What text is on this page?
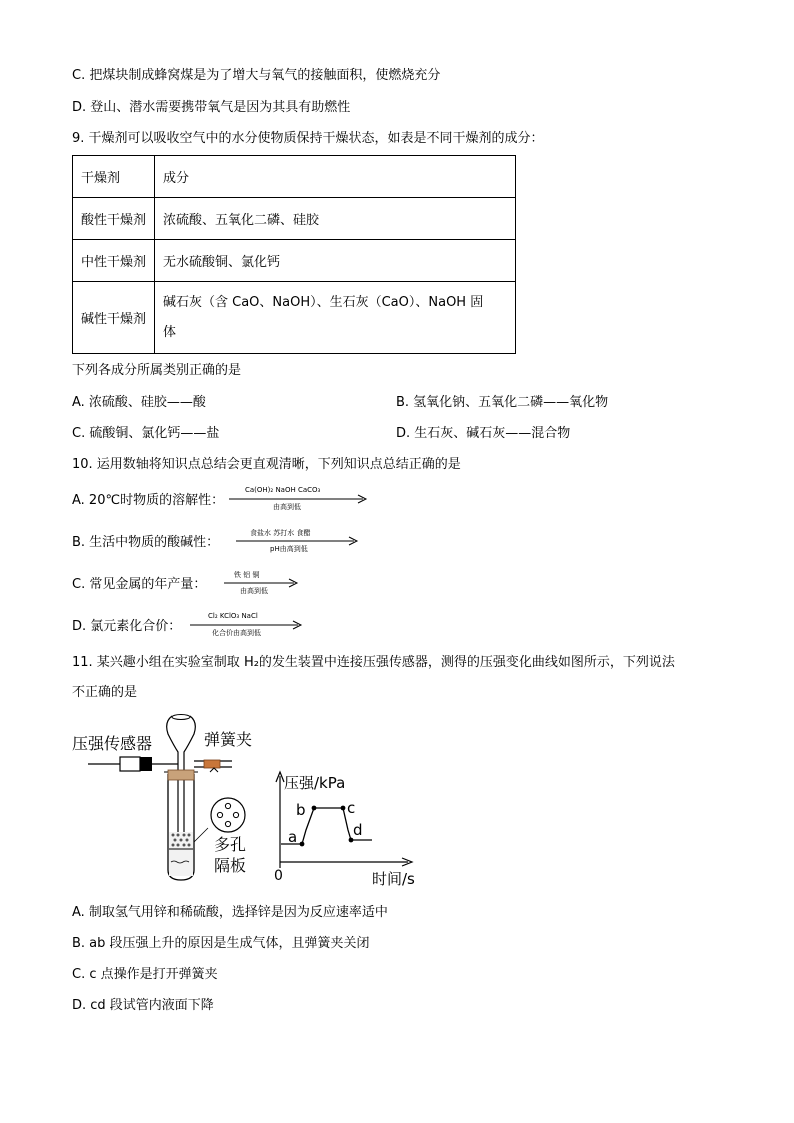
C. 把煤块制成蜂窝煤是为了增大与氧气的接触面积，使燃烧充分
D. 登山、潜水需要携带氧气是因为其具有助燃性
9. 干燥剂可以吸收空气中的水分使物质保持干燥状态，如表是不同干燥剂的成分：
干燥剂	成分
酸性干燥剂	浓硫酸、五氧化二磷、硅胶
中性干燥剂	无水硫酸铜、氯化钙
碱性干燥剂	碱石灰（含 CaO、NaOH）、生石灰（CaO）、NaOH 固
体
下列各成分所属类别正确的是
A. 浓硫酸、硅胶——酸	B. 氢氧化钠、五氧化二磷——氧化物
C. 硫酸铜、氯化钙——盐	D. 生石灰、碱石灰——混合物
10. 运用数轴将知识点总结会更直观清晰，下列知识点总结正确的是
A. 20℃时物质的溶解性：
Ca(OH)₂ NaOH CaCO₃
由高到低
B. 生活中物质的酸碱性：
食盐水 苏打水 食醋
pH由高到低
C. 常见金属的年产量：
铁 铝 铜
由高到低
D. 氯元素化合价：
Cl₂ KClO₃ NaCl
化合价由高到低
11. 某兴趣小组在实验室制取 H₂的发生装置中连接压强传感器，测得的压强变化曲线如图所示，下列说法
不正确的是
压强传感器	弹簧夹
多孔
隔板
压强/kPa
时间/s
0
a
b	c
d
A. 制取氢气用锌和稀硫酸，选择锌是因为反应速率适中
B. ab 段压强上升的原因是生成气体，且弹簧夹关闭
C. c 点操作是打开弹簧夹
D. cd 段试管内液面下降
